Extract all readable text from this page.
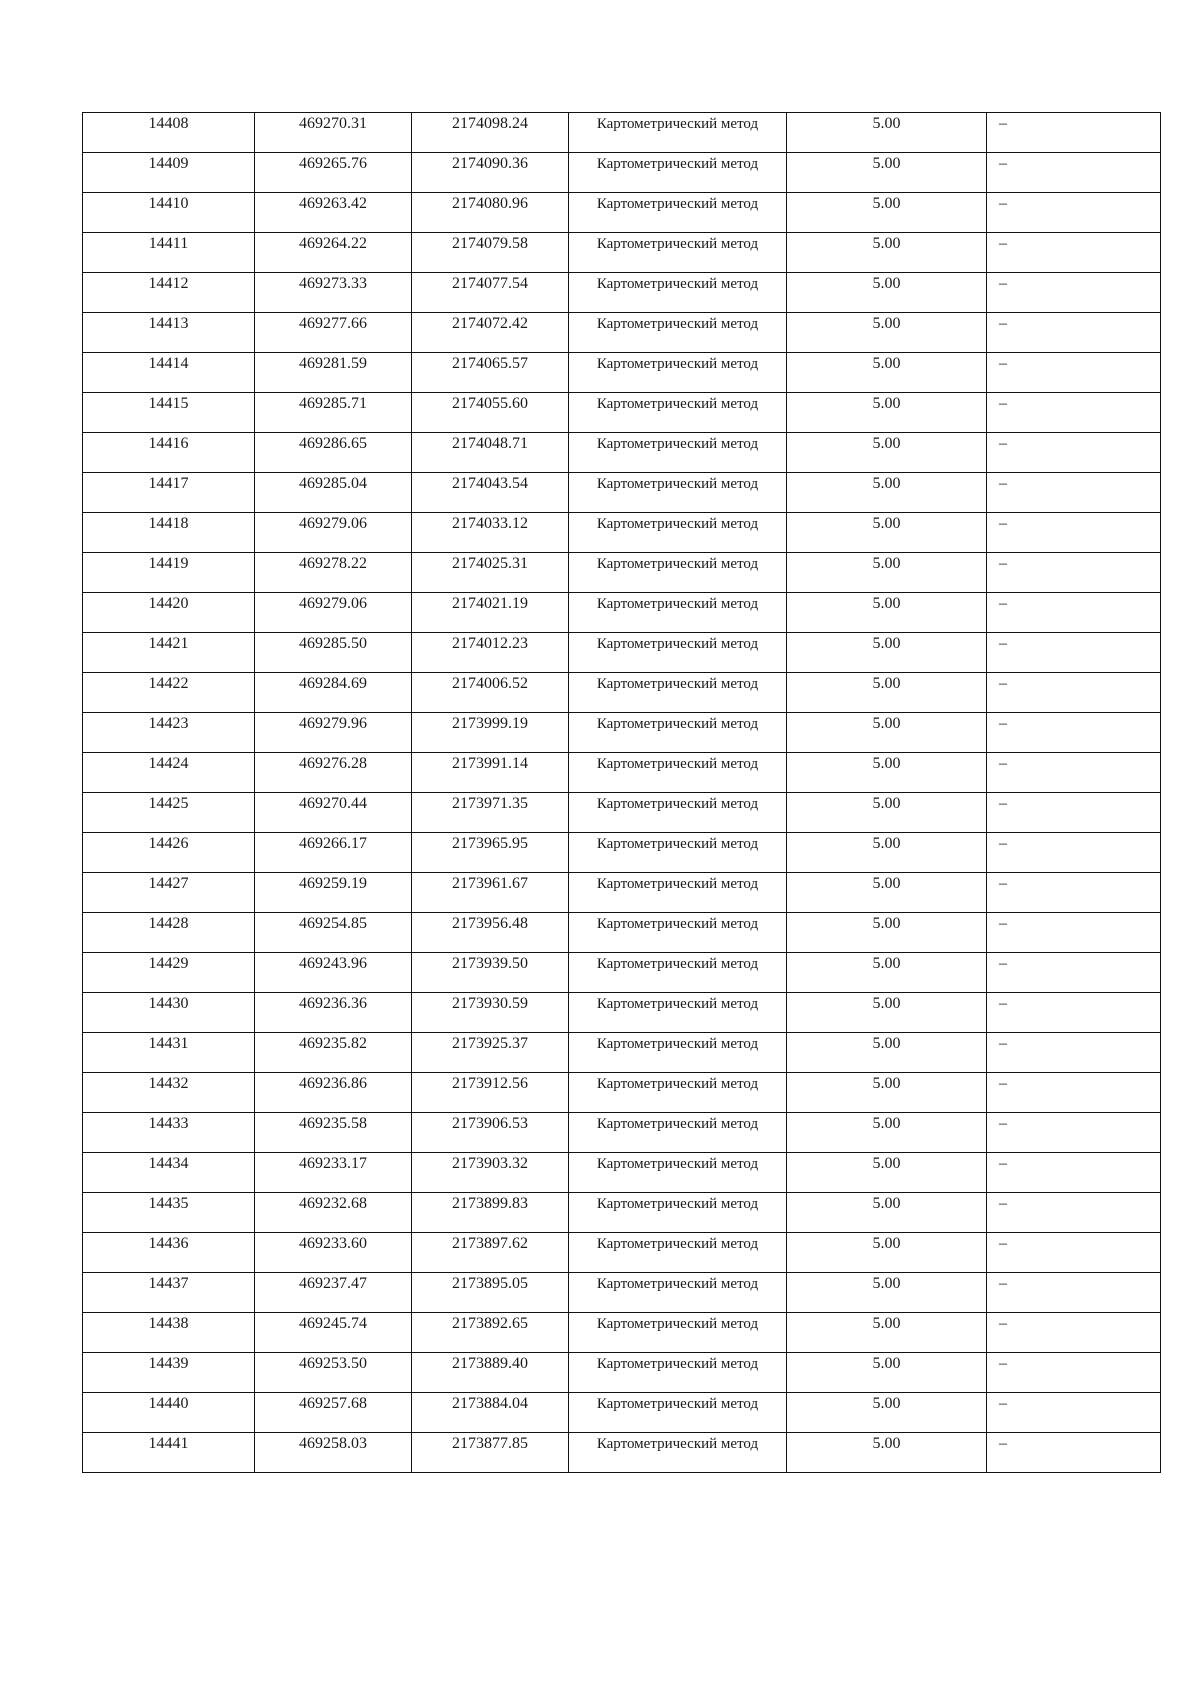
14408	469270.31	2174098.24	Картометрический метод	5.00	–
14409	469265.76	2174090.36	Картометрический метод	5.00	–
14410	469263.42	2174080.96	Картометрический метод	5.00	–
14411	469264.22	2174079.58	Картометрический метод	5.00	–
14412	469273.33	2174077.54	Картометрический метод	5.00	–
14413	469277.66	2174072.42	Картометрический метод	5.00	–
14414	469281.59	2174065.57	Картометрический метод	5.00	–
14415	469285.71	2174055.60	Картометрический метод	5.00	–
14416	469286.65	2174048.71	Картометрический метод	5.00	–
14417	469285.04	2174043.54	Картометрический метод	5.00	–
14418	469279.06	2174033.12	Картометрический метод	5.00	–
14419	469278.22	2174025.31	Картометрический метод	5.00	–
14420	469279.06	2174021.19	Картометрический метод	5.00	–
14421	469285.50	2174012.23	Картометрический метод	5.00	–
14422	469284.69	2174006.52	Картометрический метод	5.00	–
14423	469279.96	2173999.19	Картометрический метод	5.00	–
14424	469276.28	2173991.14	Картометрический метод	5.00	–
14425	469270.44	2173971.35	Картометрический метод	5.00	–
14426	469266.17	2173965.95	Картометрический метод	5.00	–
14427	469259.19	2173961.67	Картометрический метод	5.00	–
14428	469254.85	2173956.48	Картометрический метод	5.00	–
14429	469243.96	2173939.50	Картометрический метод	5.00	–
14430	469236.36	2173930.59	Картометрический метод	5.00	–
14431	469235.82	2173925.37	Картометрический метод	5.00	–
14432	469236.86	2173912.56	Картометрический метод	5.00	–
14433	469235.58	2173906.53	Картометрический метод	5.00	–
14434	469233.17	2173903.32	Картометрический метод	5.00	–
14435	469232.68	2173899.83	Картометрический метод	5.00	–
14436	469233.60	2173897.62	Картометрический метод	5.00	–
14437	469237.47	2173895.05	Картометрический метод	5.00	–
14438	469245.74	2173892.65	Картометрический метод	5.00	–
14439	469253.50	2173889.40	Картометрический метод	5.00	–
14440	469257.68	2173884.04	Картометрический метод	5.00	–
14441	469258.03	2173877.85	Картометрический метод	5.00	–
